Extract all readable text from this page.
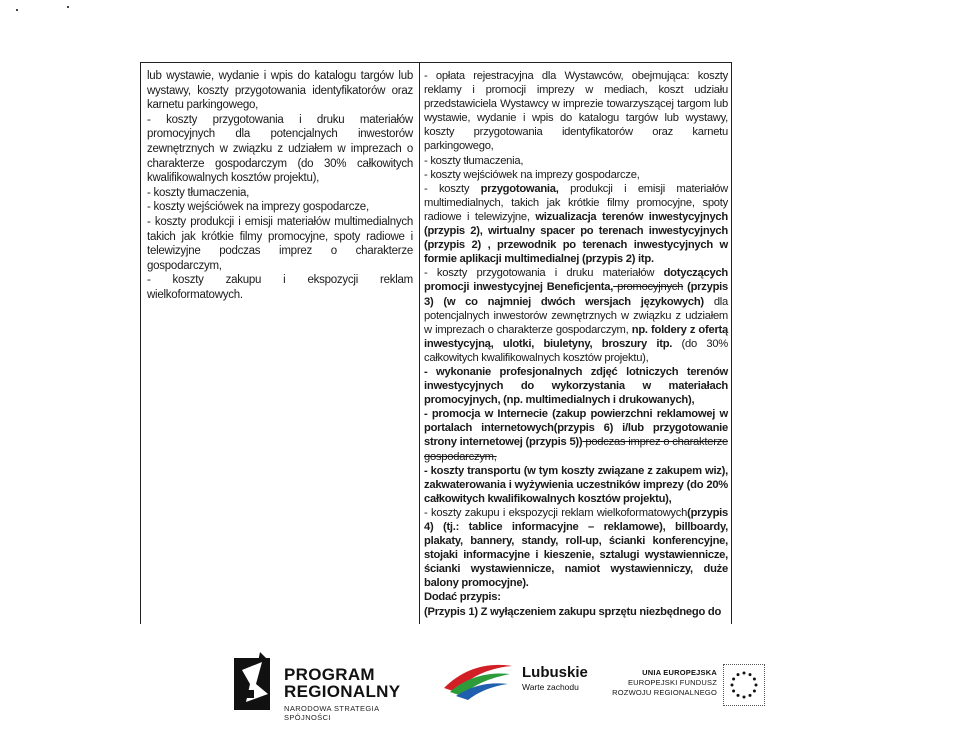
lub wystawie, wydanie i wpis do katalogu targów lub wystawy, koszty przygotowania identyfikatorów oraz karnetu parkingowego,

- koszty przygotowania i druku materiałów promocyjnych dla potencjalnych inwestorów zewnętrznych w związku z udziałem w imprezach o charakterze gospodarczym (do 30% całkowitych kwalifikowalnych kosztów projektu),

- koszty tłumaczenia,

- koszty wejściówek na imprezy gospodarcze,

- koszty produkcji i emisji materiałów multimedialnych takich jak krótkie filmy promocyjne, spoty radiowe i telewizyjne podczas imprez o charakterze gospodarczym,

- koszty zakupu i ekspozycji reklam wielkoformatowych.

- opłata rejestracyjna dla Wystawców, obejmująca: koszty reklamy i promocji imprezy w mediach, koszt udziału przedstawiciela Wystawcy w imprezie towarzyszącej targom lub wystawie, wydanie i wpis do katalogu targów lub wystawy, koszty przygotowania identyfikatorów oraz karnetu parkingowego,

- koszty tłumaczenia,

- koszty wejściówek na imprezy gospodarcze,

- koszty przygotowania, produkcji i emisji materiałów multimedialnych, takich jak krótkie filmy promocyjne, spoty radiowe i telewizyjne, wizualizacja terenów inwestycyjnych (przypis 2), wirtualny spacer po terenach inwestycyjnych (przypis 2) , przewodnik po terenach inwestycyjnych w formie aplikacji multimedialnej (przypis 2) itp.

- koszty przygotowania i druku materiałów dotyczących promocji inwestycyjnej Beneficjenta, promocyjnych (przypis 3) (w co najmniej dwóch wersjach językowych) dla potencjalnych inwestorów zewnętrznych w związku z udziałem w imprezach o charakterze gospodarczym, np. foldery z ofertą inwestycyjną, ulotki, biuletyny, broszury itp. (do 30% całkowitych kwalifikowalnych kosztów projektu),

- wykonanie profesjonalnych zdjęć lotniczych terenów inwestycyjnych do wykorzystania w materiałach promocyjnych, (np. multimedialnych i drukowanych),

- promocja w Internecie (zakup powierzchni reklamowej w portalach internetowych(przypis 6) i/lub przygotowanie strony internetowej (przypis 5)) podczas imprez o charakterze gospodarczym,

- koszty transportu (w tym koszty związane z zakupem wiz), zakwaterowania i wyżywienia uczestników imprezy (do 20% całkowitych kwalifikowalnych kosztów projektu),

- koszty zakupu i ekspozycji reklam wielkoformatowych(przypis 4) (tj.: tablice informacyjne – reklamowe), billboardy, plakaty, bannery, standy, roll-up, ścianki konferencyjne, stojaki informacyjne i kieszenie, sztalugi wystawiennicze, ścianki wystawiennicze, namiot wystawienniczy, duże balony promocyjne).

Dodać przypis:

(Przypis 1) Z wyłączeniem zakupu sprzętu niezbędnego do

PROGRAM
REGIONALNY
NARODOWA STRATEGIA SPÓJNOŚCI
Lubuskie
Warte zachodu
UNIA EUROPEJSKA
EUROPEJSKI FUNDUSZ
ROZWOJU REGIONALNEGO
